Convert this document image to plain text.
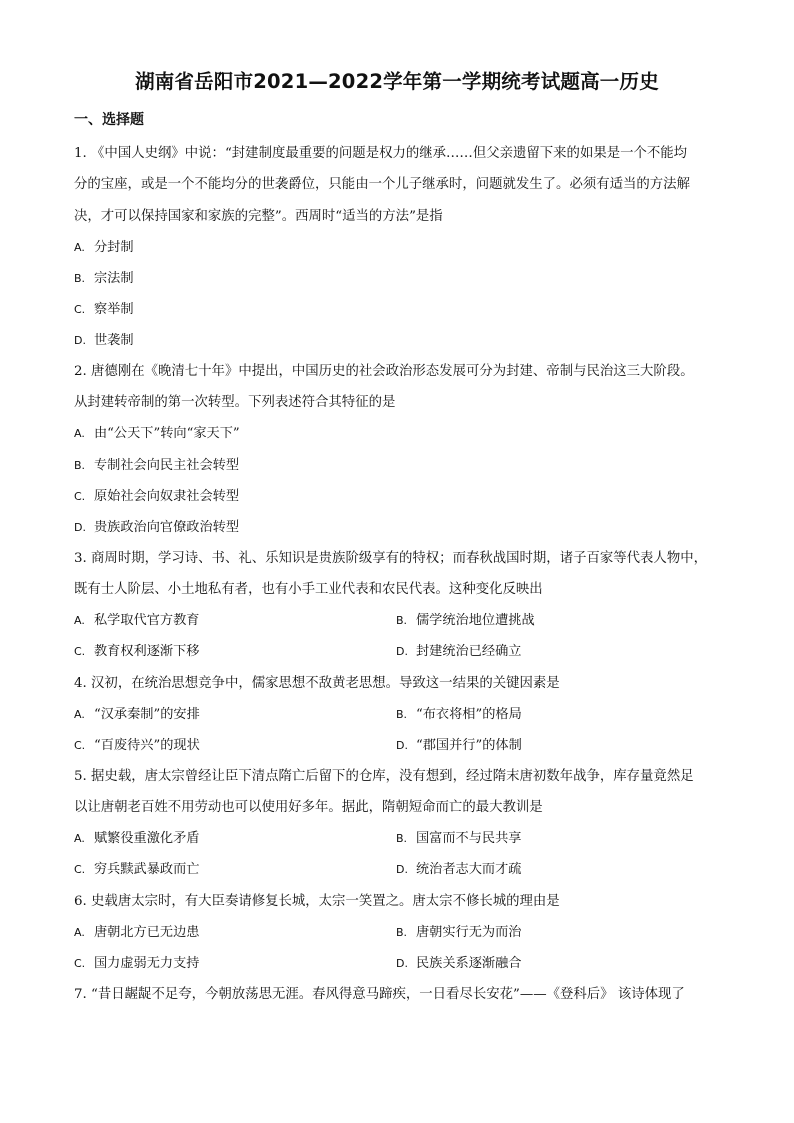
湖南省岳阳市2021—2022学年第一学期统考试题高一历史
一、选择题
1. 《中国人史纲》中说：“封建制度最重要的问题是权力的继承……但父亲遗留下来的如果是一个不能均
分的宝座，或是一个不能均分的世袭爵位，只能由一个儿子继承时，问题就发生了。必须有适当的方法解
决，才可以保持国家和家族的完整”。西周时“适当的方法”是指
A. 分封制
B. 宗法制
C. 察举制
D. 世袭制
2. 唐德刚在《晚清七十年》中提出，中国历史的社会政治形态发展可分为封建、帝制与民治这三大阶段。
从封建转帝制的第一次转型。下列表述符合其特征的是
A. 由“公天下”转向“家天下”
B. 专制社会向民主社会转型
C. 原始社会向奴隶社会转型
D. 贵族政治向官僚政治转型
3. 商周时期，学习诗、书、礼、乐知识是贵族阶级享有的特权；而春秋战国时期，诸子百家等代表人物中，
既有士人阶层、小土地私有者，也有小手工业代表和农民代表。这种变化反映出
A. 私学取代官方教育	B. 儒学统治地位遭挑战
C. 教育权利逐渐下移	D. 封建统治已经确立
4. 汉初，在统治思想竞争中，儒家思想不敌黄老思想。导致这一结果的关键因素是
A. “汉承秦制”的安排	B. “布衣将相”的格局
C. “百废待兴”的现状	D. “郡国并行”的体制
5. 据史载，唐太宗曾经让臣下清点隋亡后留下的仓库，没有想到，经过隋末唐初数年战争，库存量竟然足
以让唐朝老百姓不用劳动也可以使用好多年。据此，隋朝短命而亡的最大教训是
A. 赋繁役重激化矛盾	B. 国富而不与民共享
C. 穷兵黩武暴政而亡	D. 统治者志大而才疏
6. 史载唐太宗时，有大臣奏请修复长城，太宗一笑置之。唐太宗不修长城的理由是
A. 唐朝北方已无边患	B. 唐朝实行无为而治
C. 国力虚弱无力支持	D. 民族关系逐渐融合
7. “昔日龌龊不足夸，今朝放荡思无涯。春风得意马蹄疾，一日看尽长安花”——《登科后》 该诗体现了
